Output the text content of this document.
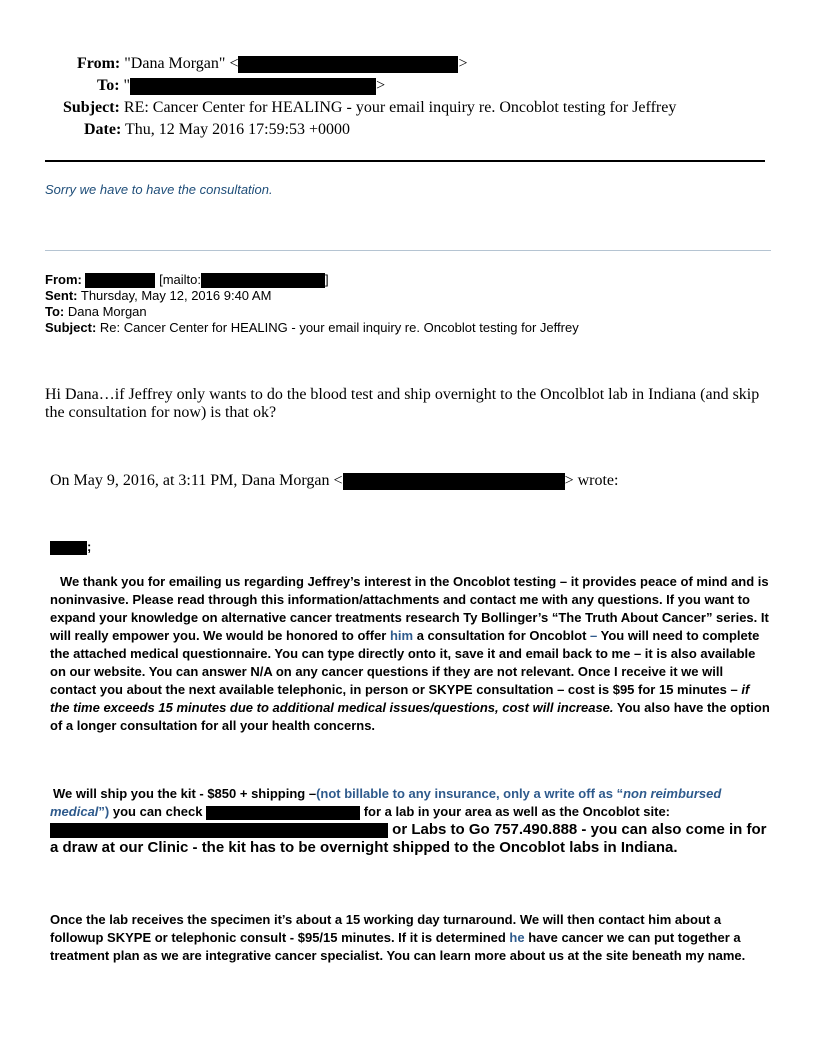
From: "Dana Morgan" <	>
To: "	>
Subject: RE: Cancer Center for HEALING - your email inquiry re. Oncoblot testing for Jeffrey
Date: Thu, 12 May 2016 17:59:53 +0000
Sorry we have to have the consultation.
From:	[mailto:	]
Sent: Thursday, May 12, 2016 9:40 AM
To: Dana Morgan
Subject: Re: Cancer Center for HEALING - your email inquiry re. Oncoblot testing for Jeffrey
Hi Dana…if Jeffrey only wants to do the blood test and ship overnight to the Oncolblot lab in Indiana (and skip the consultation for now) is that ok?
On May 9, 2016, at 3:11 PM, Dana Morgan <	> wrote:
;
We thank you for emailing us regarding Jeffrey’s interest in the Oncoblot testing – it provides peace of mind and is noninvasive. Please read through this information/attachments and contact me with any questions. If you want to expand your knowledge on alternative cancer treatments research Ty Bollinger’s “The Truth About Cancer” series. It will really empower you. We would be honored to offer him a consultation for Oncoblot – You will need to complete the attached medical questionnaire. You can type directly onto it, save it and email back to me – it is also available on our website. You can answer N/A on any cancer questions if they are not relevant. Once I receive it we will contact you about the next available telephonic, in person or SKYPE consultation – cost is $95 for 15 minutes – if the time exceeds 15 minutes due to additional medical issues/questions, cost will increase. You also have the option of a longer consultation for all your health concerns.
We will ship you the kit - $850 + shipping –(not billable to any insurance, only a write off as “non reimbursed medical”) you can check	for a lab in your area as well as the Oncoblot site:  or Labs to Go 757.490.888 - you can also come in for a draw at our Clinic - the kit has to be overnight shipped to the Oncoblot labs in Indiana.
Once the lab receives the specimen it’s about a 15 working day turnaround. We will then contact him about a followup SKYPE or telephonic consult - $95/15 minutes. If it is determined he have cancer we can put together a treatment plan as we are integrative cancer specialist. You can learn more about us at the site beneath my name.
